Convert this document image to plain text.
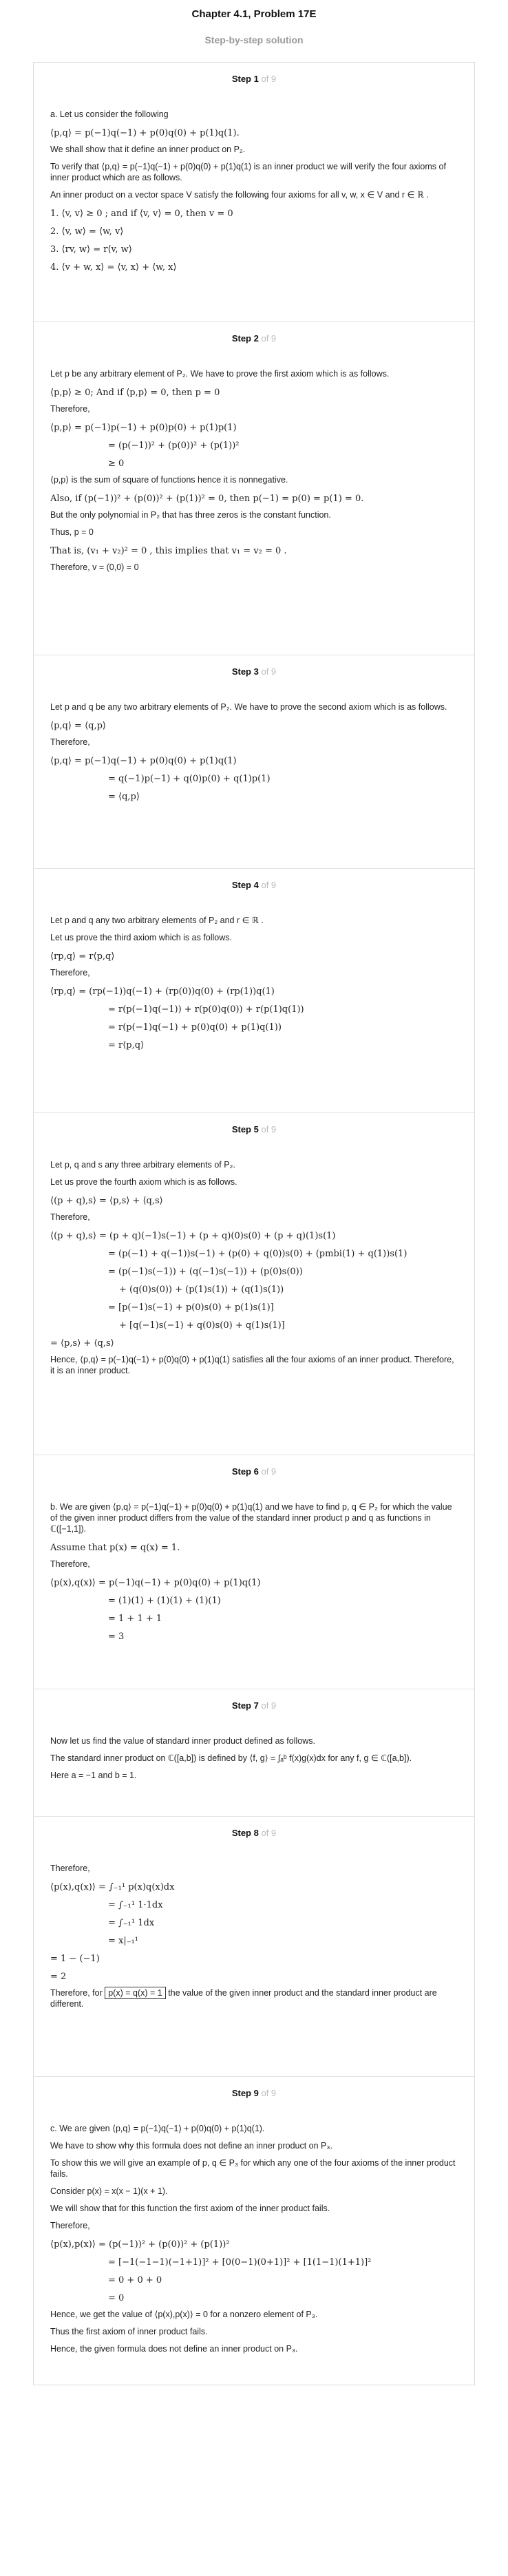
Chapter 4.1, Problem 17E
Step-by-step solution
Step 1 of 9
a. Let us consider the following
⟨p,q⟩ = p(−1)q(−1) + p(0)q(0) + p(1)q(1).
We shall show that it define an inner product on P₂.
To verify that ⟨p,q⟩ = p(−1)q(−1) + p(0)q(0) + p(1)q(1) is an inner product we will verify the four axioms of inner product which are as follows.
An inner product on a vector space V satisfy the following four axioms for all v, w, x ∈ V and r ∈ ℝ .
1. ⟨v, v⟩ ≥ 0 ; and if ⟨v, v⟩ = 0, then v = 0
2. ⟨v, w⟩ = ⟨w, v⟩
3. ⟨rv, w⟩ = r⟨v, w⟩
4. ⟨v + w, x⟩ = ⟨v, x⟩ + ⟨w, x⟩
Step 2 of 9
Let p be any arbitrary element of P₂. We have to prove the first axiom which is as follows.
⟨p,p⟩ ≥ 0; And if ⟨p,p⟩ = 0, then p = 0
Therefore,
⟨p,p⟩ = p(−1)p(−1) + p(0)p(0) + p(1)p(1)
= (p(−1))² + (p(0))² + (p(1))²
≥ 0
⟨p,p⟩ is the sum of square of functions hence it is nonnegative.
Also, if (p(−1))² + (p(0))² + (p(1))² = 0, then p(−1) = p(0) = p(1) = 0.
But the only polynomial in P₂ that has three zeros is the constant function.
Thus, p = 0
That is, (v₁ + v₂)² = 0 , this implies that v₁ = v₂ = 0 .
Therefore, v = (0,0) = 0
Step 3 of 9
Let p and q be any two arbitrary elements of P₂. We have to prove the second axiom which is as follows.
⟨p,q⟩ = ⟨q,p⟩
Therefore,
⟨p,q⟩ = p(−1)q(−1) + p(0)q(0) + p(1)q(1)
= q(−1)p(−1) + q(0)p(0) + q(1)p(1)
= ⟨q,p⟩
Step 4 of 9
Let p and q any two arbitrary elements of P₂ and r ∈ ℝ .
Let us prove the third axiom which is as follows.
⟨rp,q⟩ = r⟨p,q⟩
Therefore,
⟨rp,q⟩ = (rp(−1))q(−1) + (rp(0))q(0) + (rp(1))q(1)
= r(p(−1)q(−1)) + r(p(0)q(0)) + r(p(1)q(1))
= r(p(−1)q(−1) + p(0)q(0) + p(1)q(1))
= r⟨p,q⟩
Step 5 of 9
Let p, q and s any three arbitrary elements of P₂.
Let us prove the fourth axiom which is as follows.
⟨(p + q),s⟩ = ⟨p,s⟩ + ⟨q,s⟩
Therefore,
⟨(p + q),s⟩ = (p + q)(−1)s(−1) + (p + q)(0)s(0) + (p + q)(1)s(1)
= (p(−1) + q(−1))s(−1) + (p(0) + q(0))s(0) + (pmbi(1) + q(1))s(1)
= (p(−1)s(−1)) + (q(−1)s(−1)) + (p(0)s(0))
+ (q(0)s(0)) + (p(1)s(1)) + (q(1)s(1))
= [p(−1)s(−1) + p(0)s(0) + p(1)s(1)]
+ [q(−1)s(−1) + q(0)s(0) + q(1)s(1)]
= ⟨p,s⟩ + ⟨q,s⟩
Hence, ⟨p,q⟩ = p(−1)q(−1) + p(0)q(0) + p(1)q(1) satisfies all the four axioms of an inner product. Therefore, it is an inner product.
Step 6 of 9
b. We are given ⟨p,q⟩ = p(−1)q(−1) + p(0)q(0) + p(1)q(1) and we have to find p, q ∈ P₂ for which the value of the given inner product differs from the value of the standard inner product p and q as functions in ℂ([−1,1]).
Assume that p(x) = q(x) = 1.
Therefore,
⟨p(x),q(x)⟩ = p(−1)q(−1) + p(0)q(0) + p(1)q(1)
= (1)(1) + (1)(1) + (1)(1)
= 1 + 1 + 1
= 3
Step 7 of 9
Now let us find the value of standard inner product defined as follows.
The standard inner product on ℂ([a,b]) is defined by ⟨f, g⟩ = ∫ₐᵇ f(x)g(x)dx for any f, g ∈ ℂ([a,b]).
Here a = −1 and b = 1.
Step 8 of 9
Therefore,
⟨p(x),q(x)⟩ = ∫₋₁¹ p(x)q(x)dx
= ∫₋₁¹ 1·1dx
= ∫₋₁¹ 1dx
= x|₋₁¹
= 1 − (−1)
= 2
Therefore, for p(x) = q(x) = 1 the value of the given inner product and the standard inner product are different.
Step 9 of 9
c. We are given ⟨p,q⟩ = p(−1)q(−1) + p(0)q(0) + p(1)q(1).
We have to show why this formula does not define an inner product on P₃.
To show this we will give an example of p, q ∈ P₃ for which any one of the four axioms of the inner product fails.
Consider p(x) = x(x − 1)(x + 1).
We will show that for this function the first axiom of the inner product fails.
Therefore,
⟨p(x),p(x)⟩ = (p(−1))² + (p(0))² + (p(1))²
= [−1(−1−1)(−1+1)]² + [0(0−1)(0+1)]² + [1(1−1)(1+1)]²
= 0 + 0 + 0
= 0
Hence, we get the value of ⟨p(x),p(x)⟩ = 0 for a nonzero element of P₃.
Thus the first axiom of inner product fails.
Hence, the given formula does not define an inner product on P₃.
